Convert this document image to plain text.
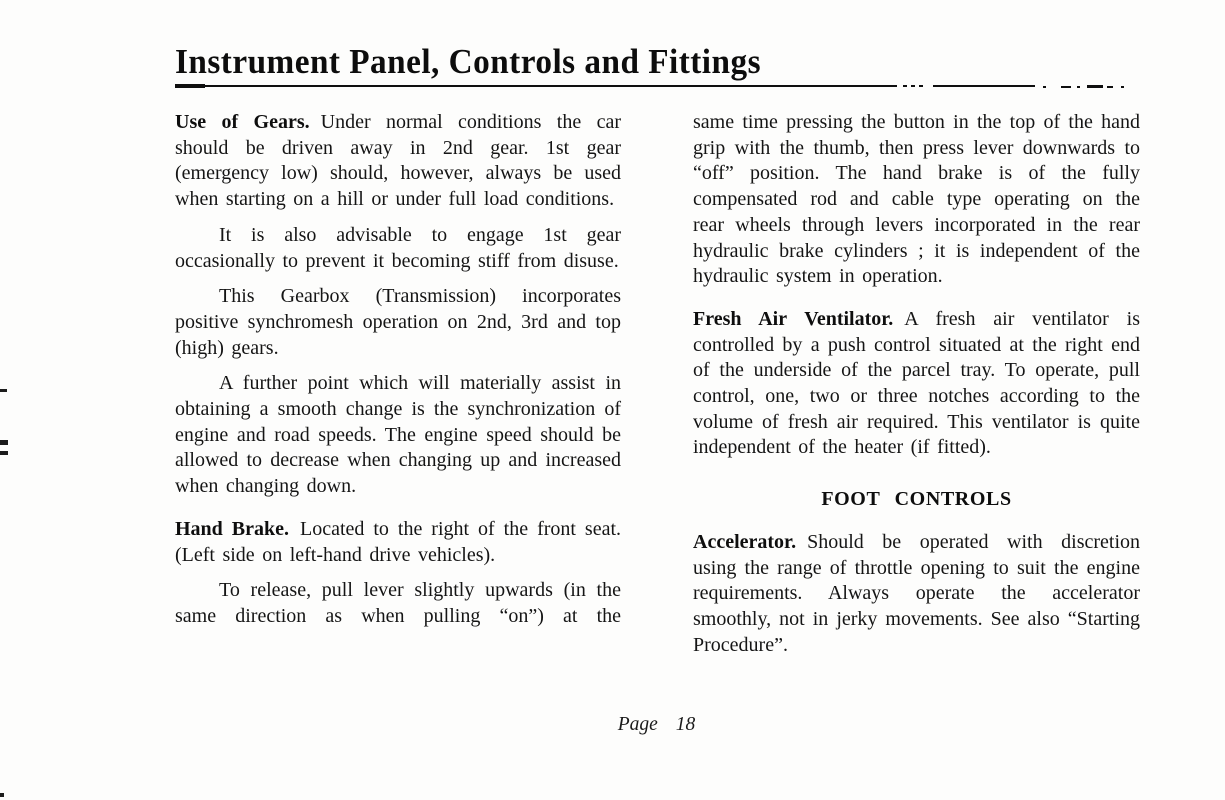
Instrument Panel, Controls and Fittings

Use of Gears. Under normal conditions the car should be driven away in 2nd gear. 1st gear (emergency low) should, however, always be used when starting on a hill or under full load conditions.

It is also advisable to engage 1st gear occasionally to prevent it becoming stiff from disuse.

This Gearbox (Transmission) incorporates positive synchromesh operation on 2nd, 3rd and top (high) gears.

A further point which will materially assist in obtaining a smooth change is the synchronization of engine and road speeds. The engine speed should be allowed to decrease when changing up and increased when changing down.

Hand Brake. Located to the right of the front seat. (Left side on left-hand drive vehicles).

To release, pull lever slightly upwards (in the same direction as when pulling “on”) at the

same time pressing the button in the top of the hand grip with the thumb, then press lever downwards to “off” position. The hand brake is of the fully compensated rod and cable type operating on the rear wheels through levers incorporated in the rear hydraulic brake cylinders ; it is independent of the hydraulic system in operation.

Fresh Air Ventilator. A fresh air ventilator is controlled by a push control situated at the right end of the underside of the parcel tray. To operate, pull control, one, two or three notches according to the volume of fresh air required. This ventilator is quite independent of the heater (if fitted).

FOOT CONTROLS

Accelerator. Should be operated with discretion using the range of throttle opening to suit the engine requirements. Always operate the accelerator smoothly, not in jerky movements. See also “Starting Procedure”.

Page 18
